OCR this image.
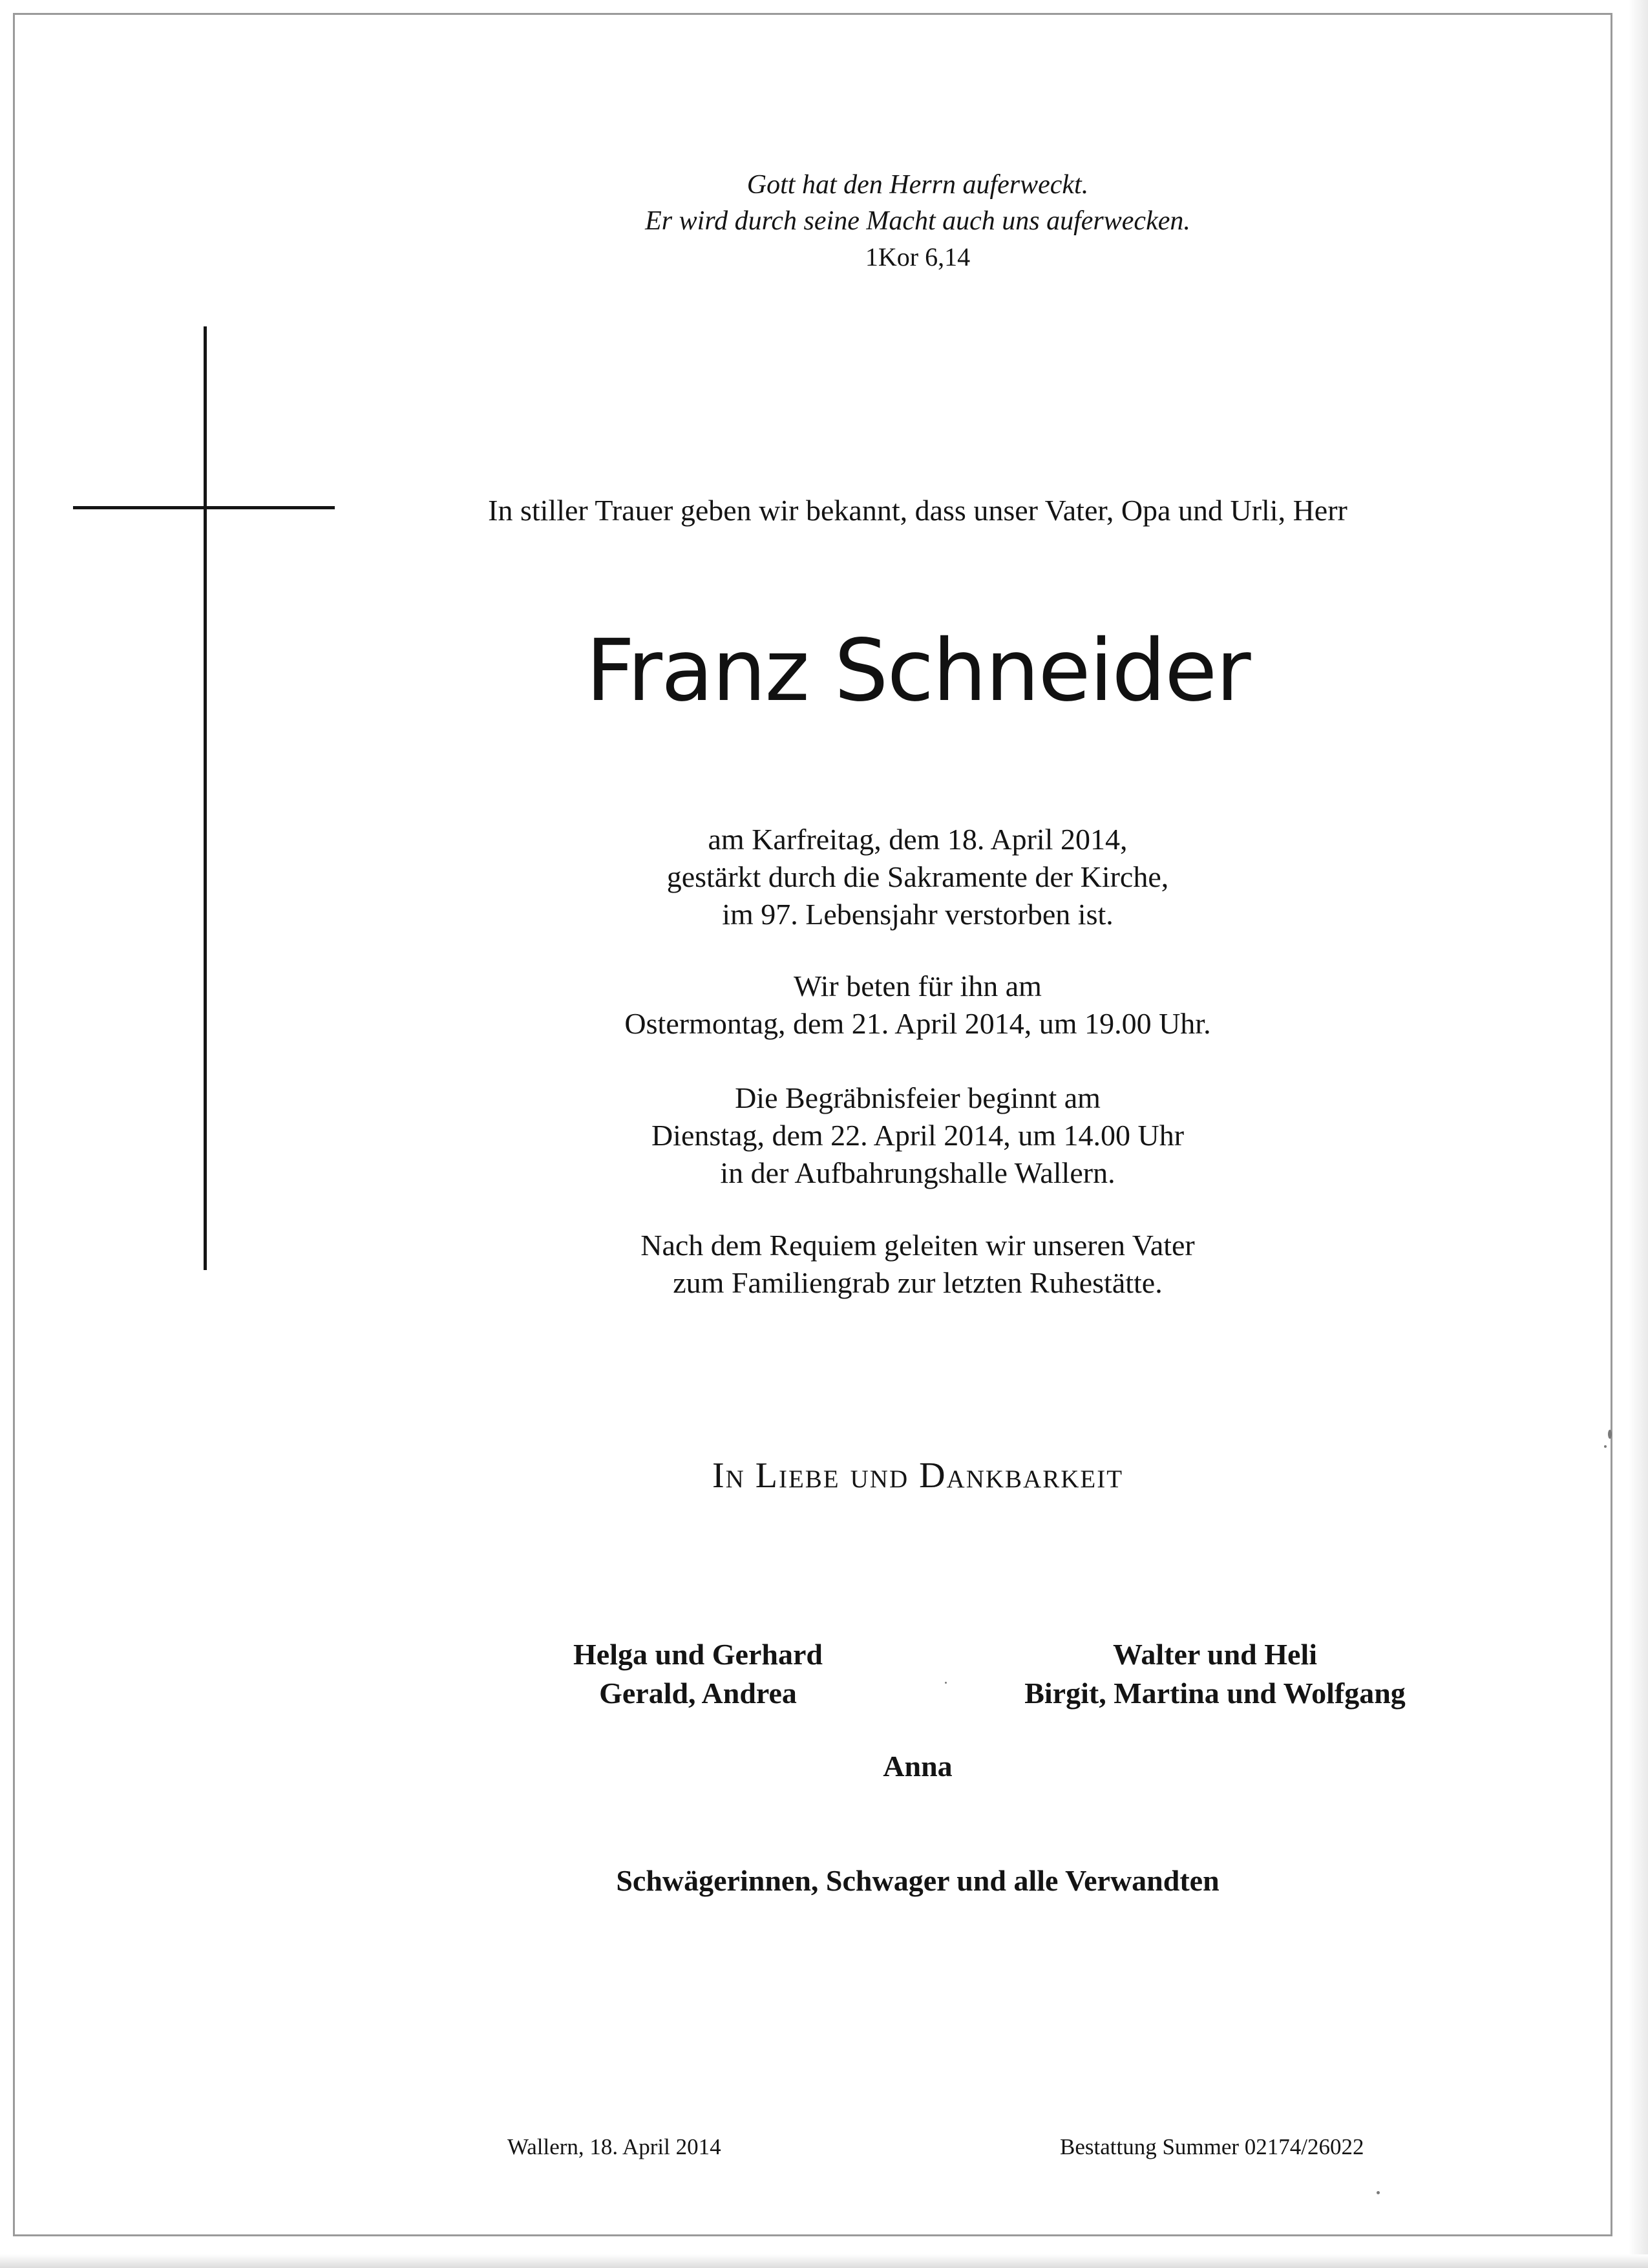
Gott hat den Herrn auferweckt.
Er wird durch seine Macht auch uns auferwecken.
1Kor 6,14
In stiller Trauer geben wir bekannt, dass unser Vater, Opa und Urli, Herr
Franz Schneider
am Karfreitag, dem 18. April 2014,
gestärkt durch die Sakramente der Kirche,
im 97. Lebensjahr verstorben ist.
Wir beten für ihn am
Ostermontag, dem 21. April 2014, um 19.00 Uhr.
Die Begräbnisfeier beginnt am
Dienstag, dem 22. April 2014, um 14.00 Uhr
in der Aufbahrungshalle Wallern.
Nach dem Requiem geleiten wir unseren Vater
zum Familiengrab zur letzten Ruhestätte.
In Liebe und Dankbarkeit
Helga und Gerhard
Gerald, Andrea
Walter und Heli
Birgit, Martina und Wolfgang
Anna
Schwägerinnen, Schwager und alle Verwandten
Wallern, 18. April 2014	Bestattung Summer 02174/26022
